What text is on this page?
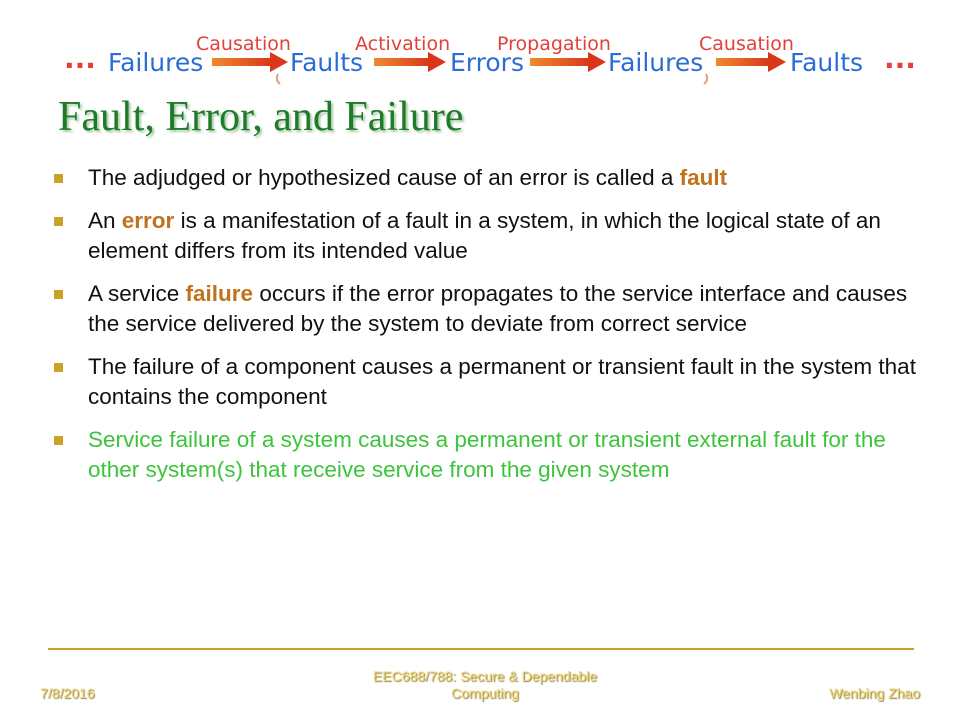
...	Causation	Activation Propagation	Causation
Failures	Faults	Errors	Failures	Faults ...
Fault, Error, and Failure
The adjudged or hypothesized cause of an error is called a fault
An error is a manifestation of a fault in a system, in which the logical state of an element differs from its intended value
A service failure occurs if the error propagates to the service interface and causes the service delivered by the system to deviate from correct service
The failure of a component causes a permanent or transient fault in the system that contains the component
Service failure of a system causes a permanent or transient external fault for the other system(s) that receive service from the given system
7/8/2016
EEC688/788: Secure & Dependable
Computing	Wenbing Zhao
